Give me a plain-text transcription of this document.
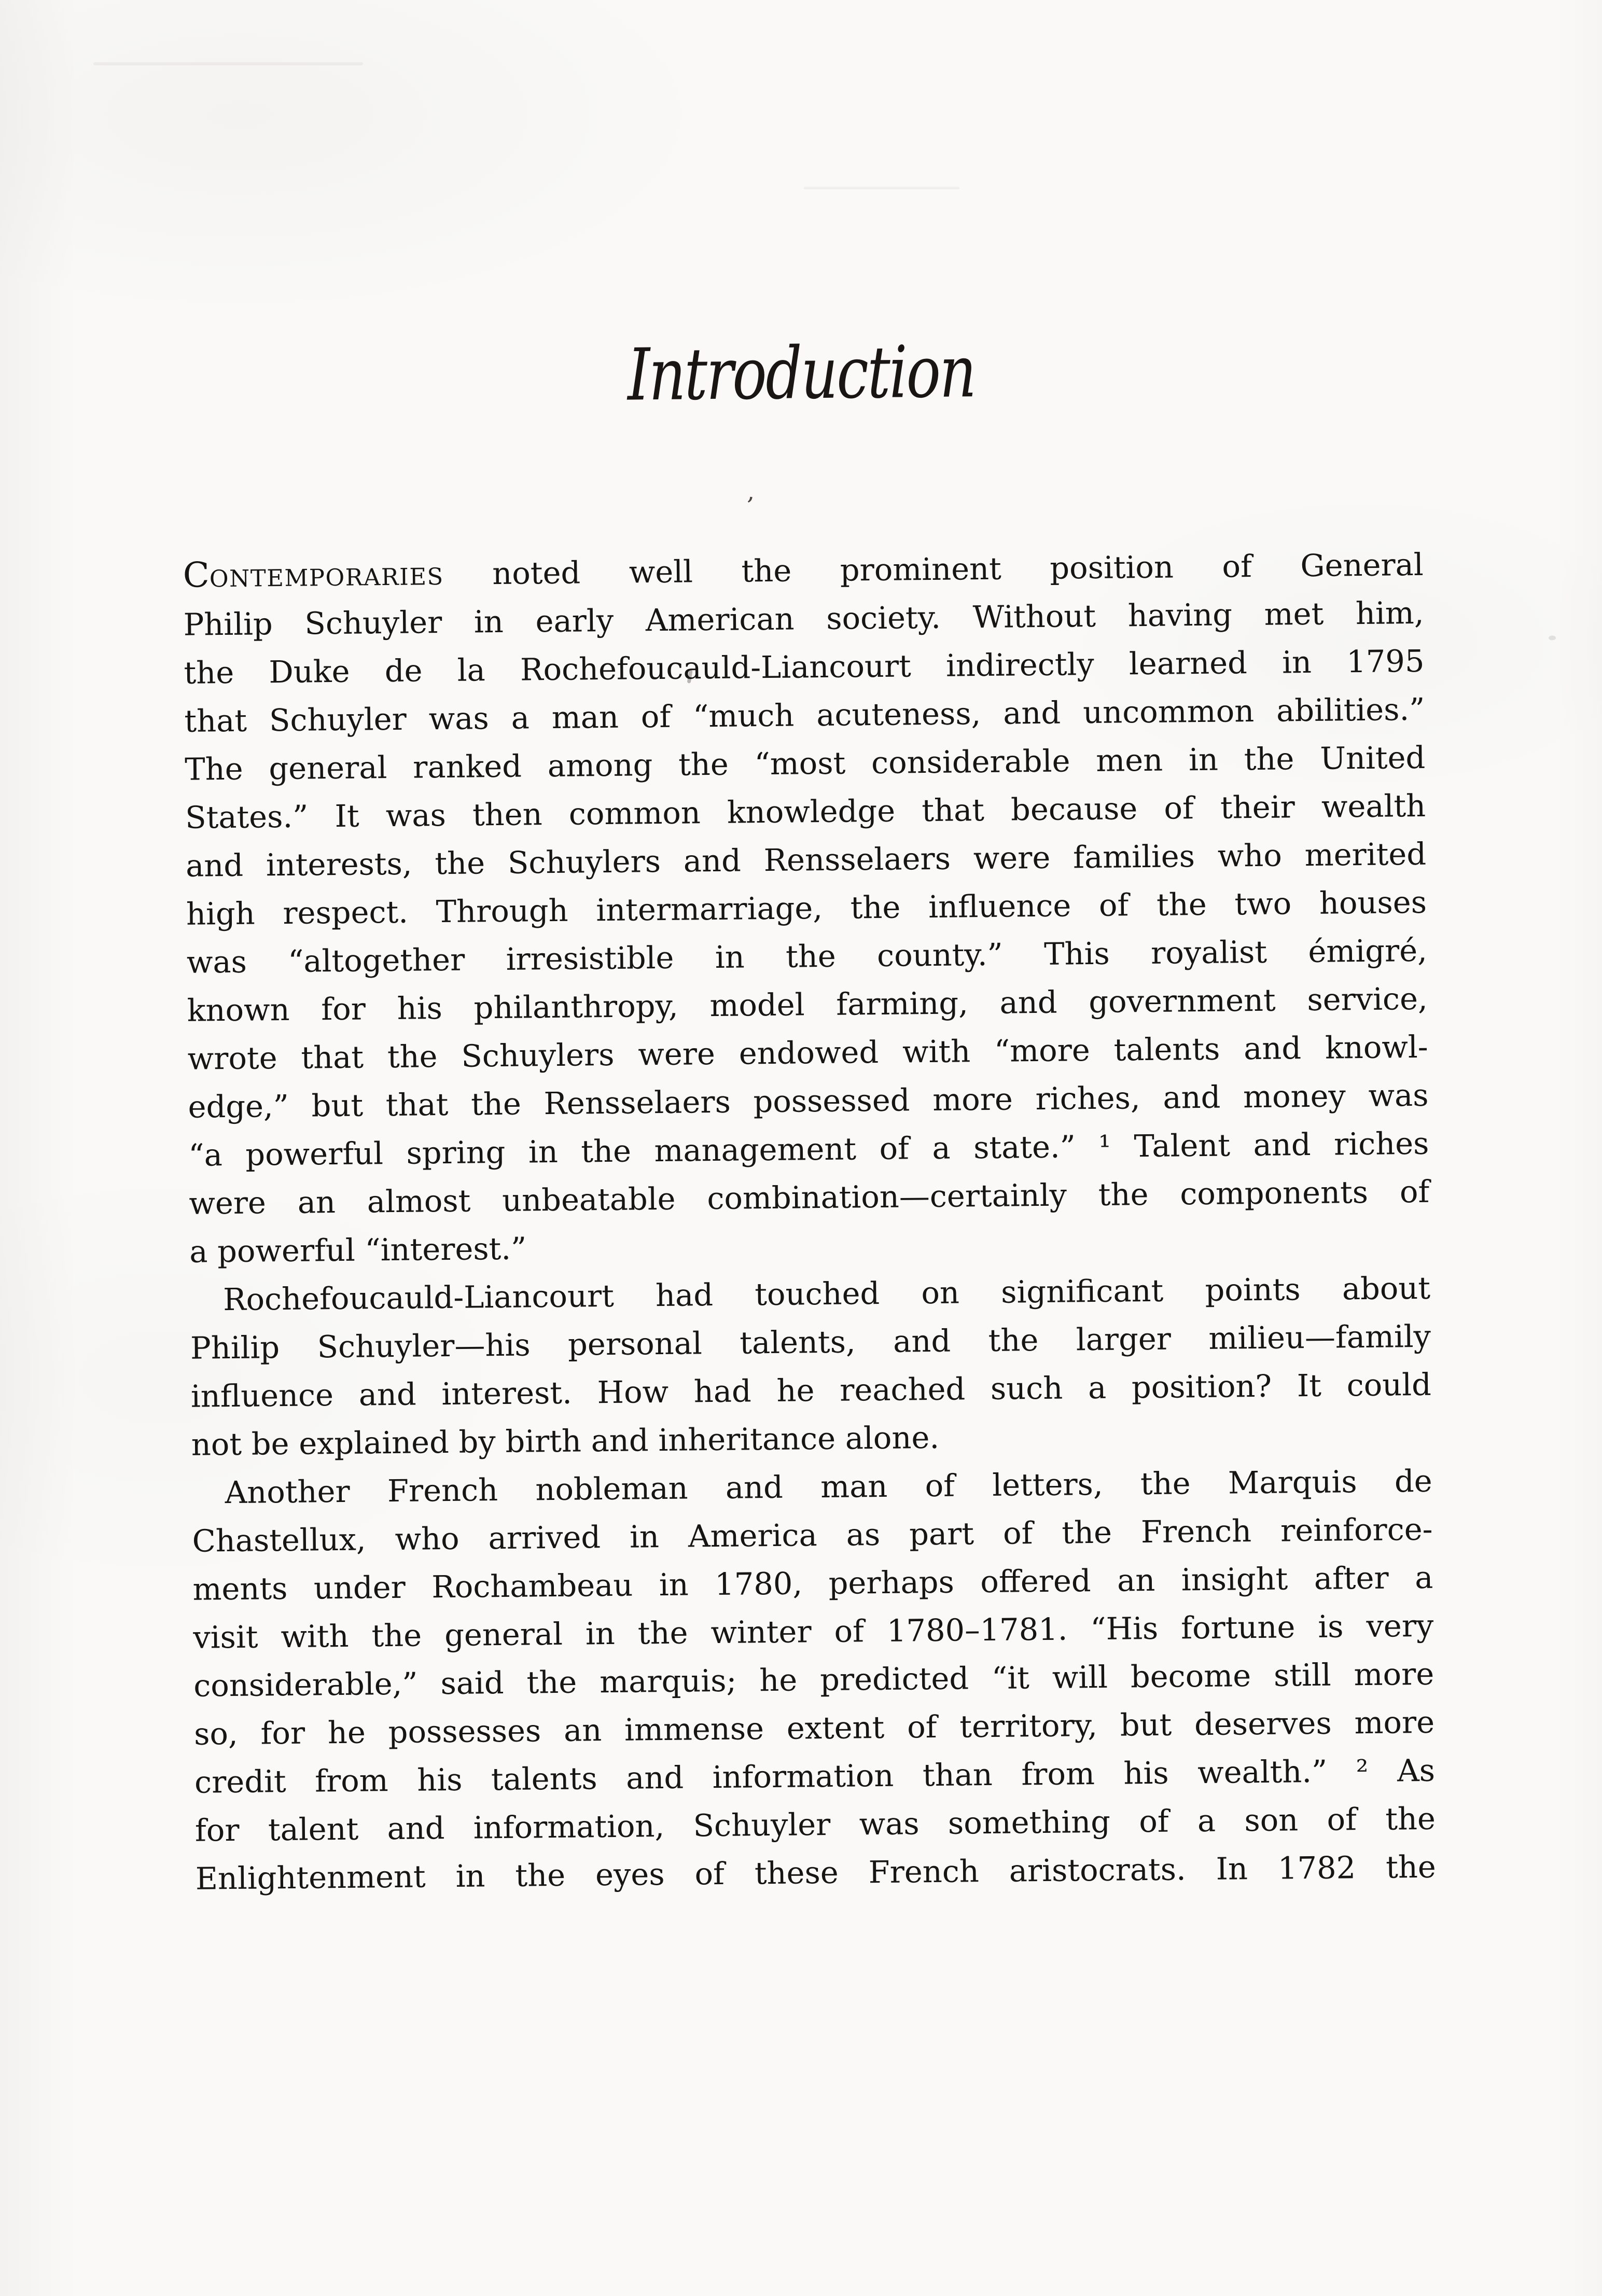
Introduction
’
CONTEMPORARIES noted well the prominent position of General
Philip Schuyler in early American society. Without having met him,
the Duke de la Rochefoucauld-Liancourt indirectly learned in 1795
that Schuyler was a man of “much acuteness, and uncommon abilities.”
The general ranked among the “most considerable men in the United
States.” It was then common knowledge that because of their wealth
and interests, the Schuylers and Rensselaers were families who merited
high respect. Through intermarriage, the influence of the two houses
was “altogether irresistible in the county.” This royalist émigré,
known for his philanthropy, model farming, and government service,
wrote that the Schuylers were endowed with “more talents and knowl-
edge,” but that the Rensselaers possessed more riches, and money was
“a powerful spring in the management of a state.” ¹ Talent and riches
were an almost unbeatable combination—certainly the components of
a powerful “interest.”
Rochefoucauld-Liancourt had touched on significant points about
Philip Schuyler—his personal talents, and the larger milieu—family
influence and interest. How had he reached such a position? It could
not be explained by birth and inheritance alone.
Another French nobleman and man of letters, the Marquis de
Chastellux, who arrived in America as part of the French reinforce-
ments under Rochambeau in 1780, perhaps offered an insight after a
visit with the general in the winter of 1780–1781. “His fortune is very
considerable,” said the marquis; he predicted “it will become still more
so, for he possesses an immense extent of territory, but deserves more
credit from his talents and information than from his wealth.” ² As
for talent and information, Schuyler was something of a son of the
Enlightenment in the eyes of these French aristocrats. In 1782 the
